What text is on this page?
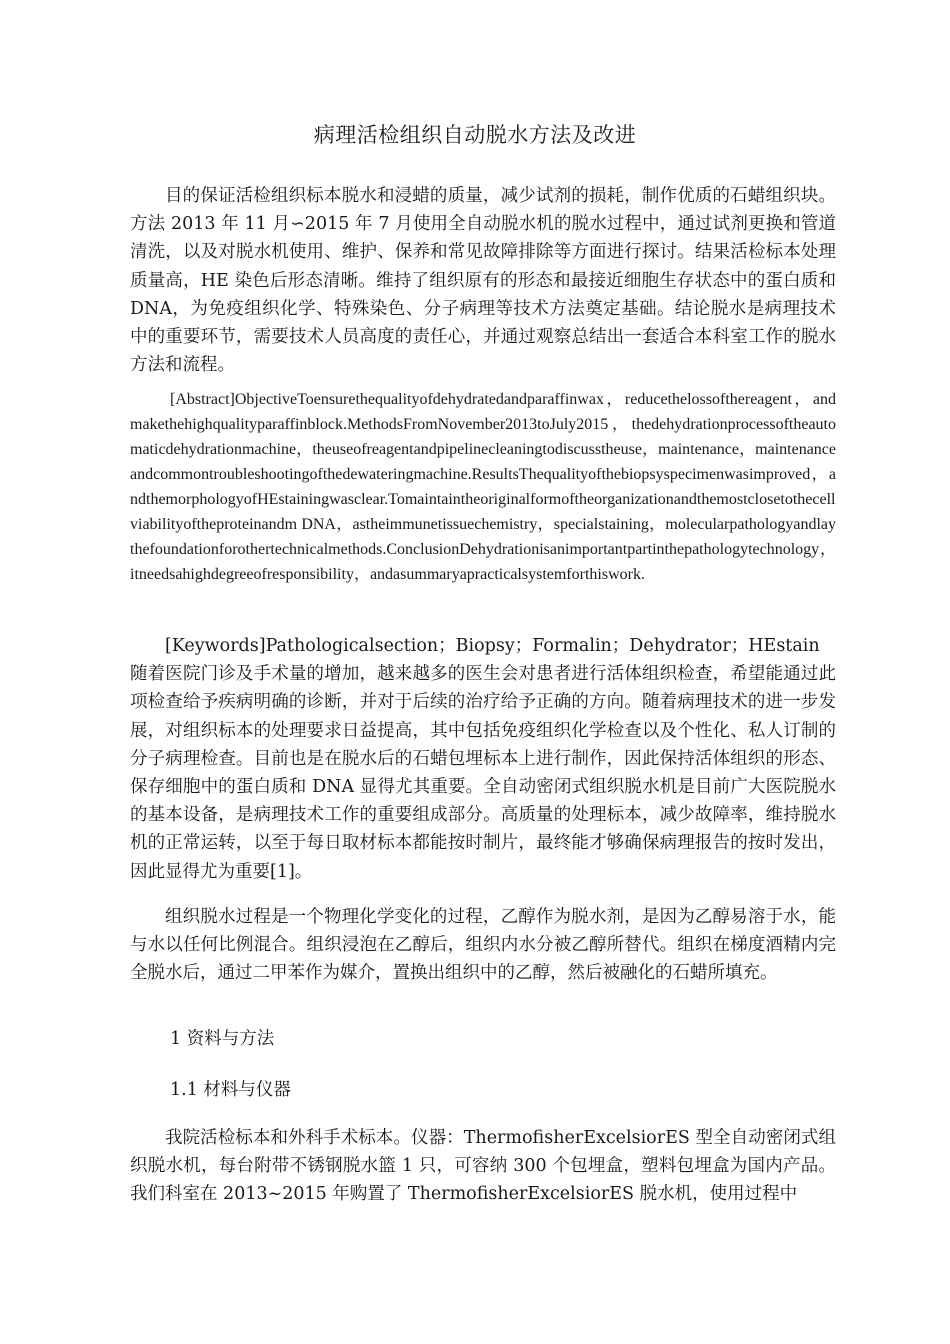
病理活检组织自动脱水方法及改进

目的保证活检组织标本脱水和浸蜡的质量，减少试剂的损耗，制作优质的石蜡组织块。方法 2013 年 11 月∽2015 年 7 月使用全自动脱水机的脱水过程中，通过试剂更换和管道清洗，以及对脱水机使用、维护、保养和常见故障排除等方面进行探讨。结果活检标本处理质量高，HE 染色后形态清晰。维持了组织原有的形态和最接近细胞生存状态中的蛋白质和 DNA，为免疫组织化学、特殊染色、分子病理等技术方法奠定基础。结论脱水是病理技术中的重要环节，需要技术人员高度的责任心，并通过观察总结出一套适合本科室工作的脱水方法和流程。

[Abstract]ObjectiveToensurethequalityofdehydratedandparaffinwax，reducethelossofthereagent，andmakethehighqualityparaffinblock.MethodsFromNovember2013toJuly2015，thedehydrationprocessoftheautomaticdehydrationmachine，theuseofreagentandpipelinecleaningtodiscusstheuse，maintenance，maintenanceandcommontroubleshootingofthedewateringmachine.ResultsThequalityofthebiopsyspecimenwasimproved，andthemorphologyofHEstainingwasclear.Tomaintaintheoriginalformoftheorganizationandthemostclosetothecellviabilityoftheproteinandm DNA，astheimmunetissuechemistry，specialstaining，molecularpathologyandlaythefoundationforothertechnicalmethods.ConclusionDehydrationisanimportantpartinthepathologytechnology，itneedsahighdegreeofresponsibility，andasummaryapracticalsystemforthiswork.

[Keywords]Pathologicalsection；Biopsy；Formalin；Dehydrator；HEstain 随着医院门诊及手术量的增加，越来越多的医生会对患者进行活体组织检查，希望能通过此项检查给予疾病明确的诊断，并对于后续的治疗给予正确的方向。随着病理技术的进一步发展，对组织标本的处理要求日益提高，其中包括免疫组织化学检查以及个性化、私人订制的分子病理检查。目前也是在脱水后的石蜡包埋标本上进行制作，因此保持活体组织的形态、保存细胞中的蛋白质和 DNA 显得尤其重要。全自动密闭式组织脱水机是目前广大医院脱水的基本设备，是病理技术工作的重要组成部分。高质量的处理标本，减少故障率，维持脱水机的正常运转，以至于每日取材标本都能按时制片，最终能才够确保病理报告的按时发出，因此显得尤为重要[1]。

组织脱水过程是一个物理化学变化的过程，乙醇作为脱水剂，是因为乙醇易溶于水，能与水以任何比例混合。组织浸泡在乙醇后，组织内水分被乙醇所替代。组织在梯度酒精内完全脱水后，通过二甲苯作为媒介，置换出组织中的乙醇，然后被融化的石蜡所填充。

1 资料与方法

1.1 材料与仪器

我院活检标本和外科手术标本。仪器：ThermofisherExcelsiorES 型全自动密闭式组织脱水机，每台附带不锈钢脱水篮 1 只，可容纳 300 个包埋盒，塑料包埋盒为国内产品。我们科室在 2013~2015 年购置了 ThermofisherExcelsiorES 脱水机，使用过程中
